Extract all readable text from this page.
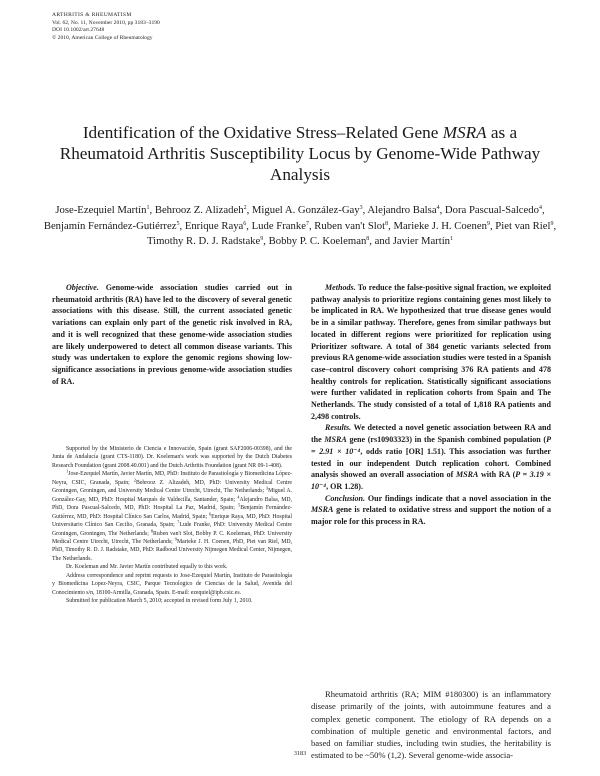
ARTHRITIS & RHEUMATISM
Vol. 62, No. 11, November 2010, pp 3183–3190
DOI 10.1002/art.27648
© 2010, American College of Rheumatology
Identification of the Oxidative Stress–Related Gene MSRA as a Rheumatoid Arthritis Susceptibility Locus by Genome-Wide Pathway Analysis
Jose-Ezequiel Martín$^1$, Behrooz Z. Alizadeh$^2$, Miguel A. González-Gay$^3$, Alejandro Balsa$^4$, Dora Pascual-Salcedo$^4$, Benjamín Fernández-Gutiérrez$^5$, Enrique Raya$^6$, Lude Franke$^7$, Ruben van't Slot$^8$, Marieke J. H. Coenen$^9$, Piet van Riel$^9$, Timothy R. D. J. Radstake$^9$, Bobby P. C. Koeleman$^8$, and Javier Martín$^1$

Objective. Genome-wide association studies carried out in rheumatoid arthritis (RA) have led to the discovery of several genetic associations with this disease. Still, the current associated genetic variations can explain only part of the genetic risk involved in RA, and it is well recognized that these genome-wide association studies are likely underpowered to detect all common disease variants. This study was undertaken to explore the genomic regions showing low-significance associations in previous genome-wide association studies of RA.

Supported by the Ministerio de Ciencia e Innovación, Spain (grant SAF2006-00398), and the Junta de Andalucía (grant CTS-1180). Dr. Koeleman's work was supported by the Dutch Diabetes Research Foundation (grant 2008.40.001) and the Dutch Arthritis Foundation (grant NR 09-1-408).

$^1$Jose-Ezequiel Martín, Javier Martín, MD, PhD: Instituto de Parasitología y Biomedicina López-Neyra, CSIC, Granada, Spain; $^2$Behrooz Z. Alizadeh, MD, PhD: University Medical Centre Groningen, Groningen, and University Medical Centre Utrecht, Utrecht, The Netherlands; $^3$Miguel A. González-Gay, MD, PhD: Hospital Marqués de Valdecilla, Santander, Spain; $^4$Alejandro Balsa, MD, PhD, Dora Pascual-Salcedo, MD, PhD: Hospital La Paz, Madrid, Spain; $^5$Benjamín Fernández-Gutiérrez, MD, PhD: Hospital Clínico San Carlos, Madrid, Spain; $^6$Enrique Raya, MD, PhD: Hospital Universitario Clínico San Cecilio, Granada, Spain; $^7$Lude Franke, PhD: University Medical Centre Groningen, Groningen, The Netherlands; $^8$Ruben van't Slot, Bobby P. C. Koeleman, PhD: University Medical Centre Utrecht, Utrecht, The Netherlands; $^9$Marieke J. H. Coenen, PhD, Piet van Riel, MD, PhD, Timothy R. D. J. Radstake, MD, PhD: Radboud University Nijmegen Medical Center, Nijmegen, The Netherlands.

Dr. Koeleman and Mr. Javier Martín contributed equally to this work.

Address correspondence and reprint requests to Jose-Ezequiel Martín, Instituto de Parasitología y Biomedicina Lopez-Neyra, CSIC, Parque Tecnologico de Ciencias de la Salud, Avenida del Conocimiento s/n, 18100-Armilla, Granada, Spain. E-mail: ezequiel@ipb.csic.es.

Submitted for publication March 5, 2010; accepted in revised form July 1, 2010.

Methods. To reduce the false-positive signal fraction, we exploited pathway analysis to prioritize regions containing genes most likely to be implicated in RA. We hypothesized that true disease genes would be in a similar pathway. Therefore, genes from similar pathways but located in different regions were prioritized for replication using Prioritizer software. A total of 384 genetic variants selected from previous RA genome-wide association studies were tested in a Spanish case–control discovery cohort comprising 376 RA patients and 478 healthy controls for replication. Statistically significant associations were further validated in replication cohorts from Spain and The Netherlands. The study consisted of a total of 1,818 RA patients and 2,498 controls.

Results. We detected a novel genetic association between RA and the MSRA gene (rs10903323) in the Spanish combined population (P = 2.91 × 10⁻⁴, odds ratio [OR] 1.51). This association was further tested in our independent Dutch replication cohort. Combined analysis showed an overall association of MSRA with RA (P = 3.19 × 10⁻⁴, OR 1.28).

Conclusion. Our findings indicate that a novel association in the MSRA gene is related to oxidative stress and support the notion of a major role for this process in RA.

Rheumatoid arthritis (RA; MIM #180300) is an inflammatory disease primarily of the joints, with autoimmune features and a complex genetic component. The etiology of RA depends on a combination of multiple genetic and environmental factors, and based on familiar studies, including twin studies, the heritability is estimated to be ~50% (1,2). Several genome-wide associa-

3183
